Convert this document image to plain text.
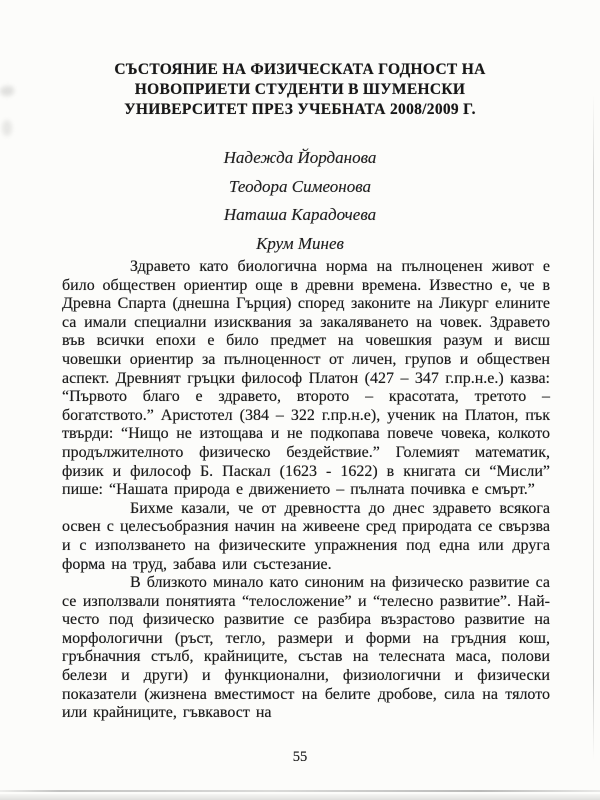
СЪСТОЯНИЕ НА ФИЗИЧЕСКАТА ГОДНОСТ НА
НОВОПРИЕТИ СТУДЕНТИ В ШУМЕНСКИ
УНИВЕРСИТЕТ ПРЕЗ УЧЕБНАТА 2008/2009 Г.
Надежда Йорданова
Теодора Симеонова
Наташа Карадочева
Крум Минев

Здравето като биологична норма на пълноценен живот е било обществен ориентир още в древни времена. Известно е, че в Древна Спарта (днешна Гърция) според законите на Ликург елините са имали специални изисквания за закаляването на човек. Здравето във всички епохи е било предмет на човешкия разум и висш човешки ориентир за пълноценност от личен, групов и обществен аспект. Древният гръцки философ Платон (427 – 347 г.пр.н.е.) казва: “Първото благо е здравето, второто – красотата, третото – богатството.” Аристотел (384 – 322 г.пр.н.е), ученик на Платон, пък твърди: “Нищо не изтощава и не подкопава повече човека, колкото продължителното физическо бездействие.” Големият математик, физик и философ Б. Паскал (1623 - 1622) в книгата си “Мисли” пише: “Нашата природа е движението – пълната почивка е смърт.”

Бихме казали, че от древността до днес здравето всякога освен с целесъобразния начин на живеене сред природата се свързва и с използването на физическите упражнения под една или друга форма на труд, забава или състезание.

В близкото минало като синоним на физическо развитие са се използвали понятията “телосложение” и “телесно развитие”. Най-често под физическо развитие се разбира възрастово развитие на морфологични (ръст, тегло, размери и форми на гръдния кош, гръбначния стълб, крайниците, състав на телесната маса, полови белези и други) и функционални, физиологични и физически показатели (жизнена вместимост на белите дробове, сила на тялото или крайниците, гъвкавост на

55
